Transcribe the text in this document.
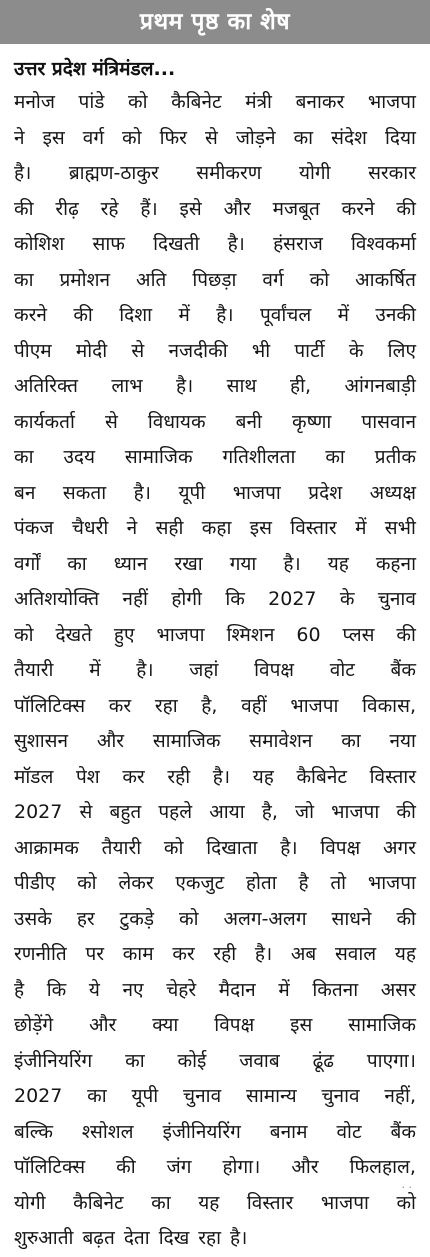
प्रथम पृष्ठ का शेष
उत्तर प्रदेश मंत्रिमंडल...
मनोज पांडे को कैबिनेट मंत्री बनाकर भाजपा
ने इस वर्ग को फिर से जोड़ने का संदेश दिया
है। ब्राह्मण-ठाकुर समीकरण योगी सरकार
की रीढ़ रहे हैं। इसे और मजबूत करने की
कोशिश साफ दिखती है। हंसराज विश्वकर्मा
का प्रमोशन अति पिछड़ा वर्ग को आकर्षित
करने की दिशा में है। पूर्वांचल में उनकी
पीएम मोदी से नजदीकी भी पार्टी के लिए
अतिरिक्त लाभ है। साथ ही, आंगनबाड़ी
कार्यकर्ता से विधायक बनी कृष्णा पासवान
का उदय सामाजिक गतिशीलता का प्रतीक
बन सकता है। यूपी भाजपा प्रदेश अध्यक्ष
पंकज चैधरी ने सही कहा इस विस्तार में सभी
वर्गों का ध्यान रखा गया है। यह कहना
अतिशयोक्ति नहीं होगी कि 2027 के चुनाव
को देखते हुए भाजपा श्मिशन 60 प्लस की
तैयारी में है। जहां विपक्ष वोट बैंक
पॉलिटिक्स कर रहा है, वहीं भाजपा विकास,
सुशासन और सामाजिक समावेशन का नया
मॉडल पेश कर रही है। यह कैबिनेट विस्तार
2027 से बहुत पहले आया है, जो भाजपा की
आक्रामक तैयारी को दिखाता है। विपक्ष अगर
पीडीए को लेकर एकजुट होता है तो भाजपा
उसके हर टुकड़े को अलग-अलग साधने की
रणनीति पर काम कर रही है। अब सवाल यह
है कि ये नए चेहरे मैदान में कितना असर
छोड़ेंगे और क्या विपक्ष इस सामाजिक
इंजीनियरिंग का कोई जवाब ढूंढ पाएगा।
2027 का यूपी चुनाव सामान्य चुनाव नहीं,
बल्कि श्सोशल इंजीनियरिंग बनाम वोट बैंक
पॉलिटिक्स की जंग होगा। और फिलहाल,
योगी कैबिनेट का यह विस्तार भाजपा को
शुरुआती बढ़त देता दिख रहा है।
· ·
